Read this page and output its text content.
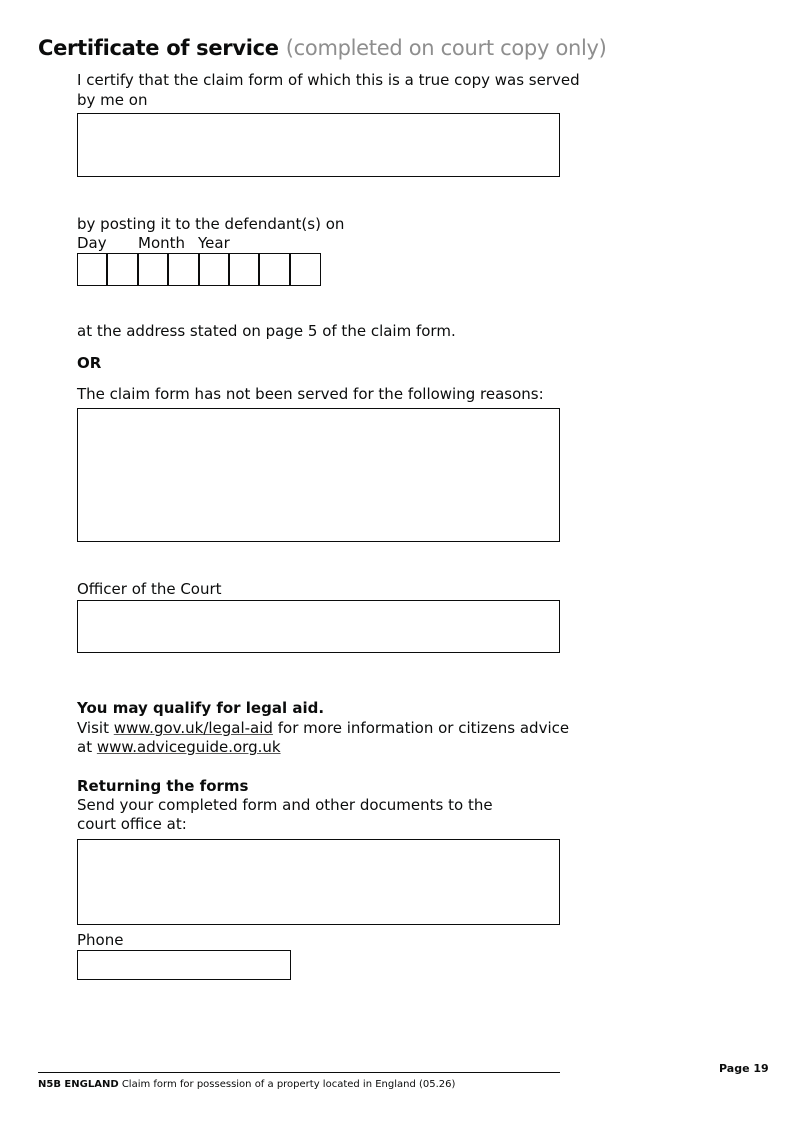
Certificate of service (completed on court copy only)
I certify that the claim form of which this is a true copy was served
by me on
by posting it to the defendant(s) on
Day Month Year
at the address stated on page 5 of the claim form.
OR
The claim form has not been served for the following reasons:
Officer of the Court
You may qualify for legal aid.
Visit www.gov.uk/legal-aid for more information or citizens advice
at www.adviceguide.org.uk
Returning the forms
Send your completed form and other documents to the
court office at:
Phone
Page 19
N5B ENGLAND Claim form for possession of a property located in England (05.26)
